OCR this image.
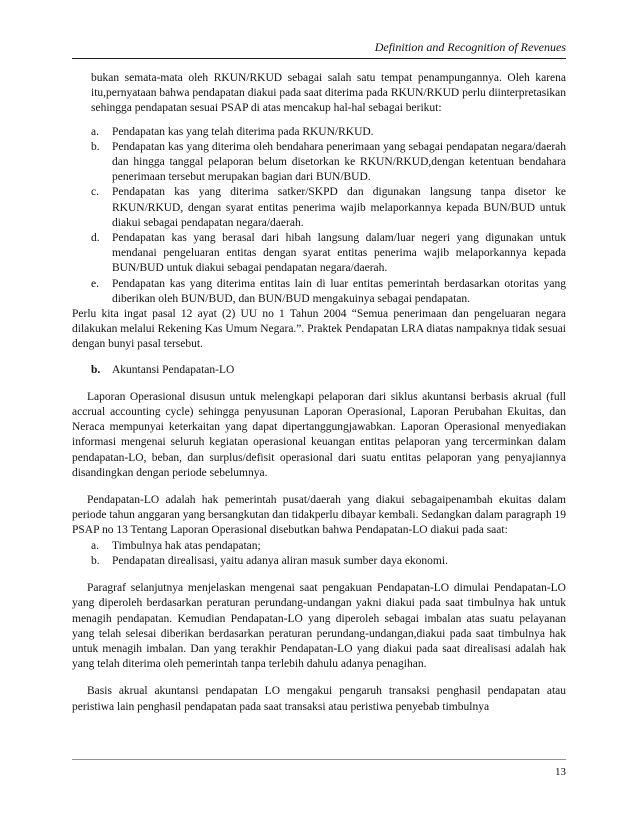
Definition and Recognition of Revenues

bukan semata-mata oleh RKUN/RKUD sebagai salah satu tempat penampungannya. Oleh karena itu,pernyataan bahwa pendapatan diakui pada saat diterima pada RKUN/RKUD perlu diinterpretasikan sehingga pendapatan sesuai PSAP di atas mencakup hal-hal sebagai berikut:

a.	Pendapatan kas yang telah diterima pada RKUN/RKUD.
b.	Pendapatan kas yang diterima oleh bendahara penerimaan yang sebagai pendapatan negara/daerah dan hingga tanggal pelaporan belum disetorkan ke RKUN/RKUD,dengan ketentuan bendahara penerimaan tersebut merupakan bagian dari BUN/BUD.
c.	Pendapatan kas yang diterima satker/SKPD dan digunakan langsung tanpa disetor ke RKUN/RKUD, dengan syarat entitas penerima wajib melaporkannya kepada BUN/BUD untuk diakui sebagai pendapatan negara/daerah.
d.	Pendapatan kas yang berasal dari hibah langsung dalam/luar negeri yang digunakan untuk mendanai pengeluaran entitas dengan syarat entitas penerima wajib melaporkannya kepada BUN/BUD untuk diakui sebagai pendapatan negara/daerah.
e.	Pendapatan kas yang diterima entitas lain di luar entitas pemerintah berdasarkan otoritas yang diberikan oleh BUN/BUD, dan BUN/BUD mengakuinya sebagai pendapatan.

Perlu kita ingat pasal 12 ayat (2) UU no 1 Tahun 2004 “Semua penerimaan dan pengeluaran negara dilakukan melalui Rekening Kas Umum Negara.”. Praktek Pendapatan LRA diatas nampaknya tidak sesuai dengan bunyi pasal tersebut.

b.	Akuntansi Pendapatan-LO

Laporan Operasional disusun untuk melengkapi pelaporan dari siklus akuntansi berbasis akrual (full accrual accounting cycle) sehingga penyusunan Laporan Operasional, Laporan Perubahan Ekuitas, dan Neraca mempunyai keterkaitan yang dapat dipertanggungjawabkan. Laporan Operasional menyediakan informasi mengenai seluruh kegiatan operasional keuangan entitas pelaporan yang tercerminkan dalam pendapatan-LO, beban, dan surplus/defisit operasional dari suatu entitas pelaporan yang penyajiannya disandingkan dengan periode sebelumnya.

Pendapatan-LO adalah hak pemerintah pusat/daerah yang diakui sebagaipenambah ekuitas dalam periode tahun anggaran yang bersangkutan dan tidakperlu dibayar kembali. Sedangkan dalam paragraph 19 PSAP no 13 Tentang Laporan Operasional disebutkan bahwa Pendapatan-LO diakui pada saat:

a.	Timbulnya hak atas pendapatan;
b.	Pendapatan direalisasi, yaitu adanya aliran masuk sumber daya ekonomi.

Paragraf selanjutnya menjelaskan mengenai saat pengakuan Pendapatan-LO dimulai Pendapatan-LO yang diperoleh berdasarkan peraturan perundang-undangan yakni diakui pada saat timbulnya hak untuk menagih pendapatan. Kemudian Pendapatan-LO yang diperoleh sebagai imbalan atas suatu pelayanan yang telah selesai diberikan berdasarkan peraturan perundang-undangan,diakui pada saat timbulnya hak untuk menagih imbalan. Dan yang terakhir Pendapatan-LO yang diakui pada saat direalisasi adalah hak yang telah diterima oleh pemerintah tanpa terlebih dahulu adanya penagihan.

Basis akrual akuntansi pendapatan LO mengakui pengaruh transaksi penghasil pendapatan atau peristiwa lain penghasil pendapatan pada saat transaksi atau peristiwa penyebab timbulnya

13
